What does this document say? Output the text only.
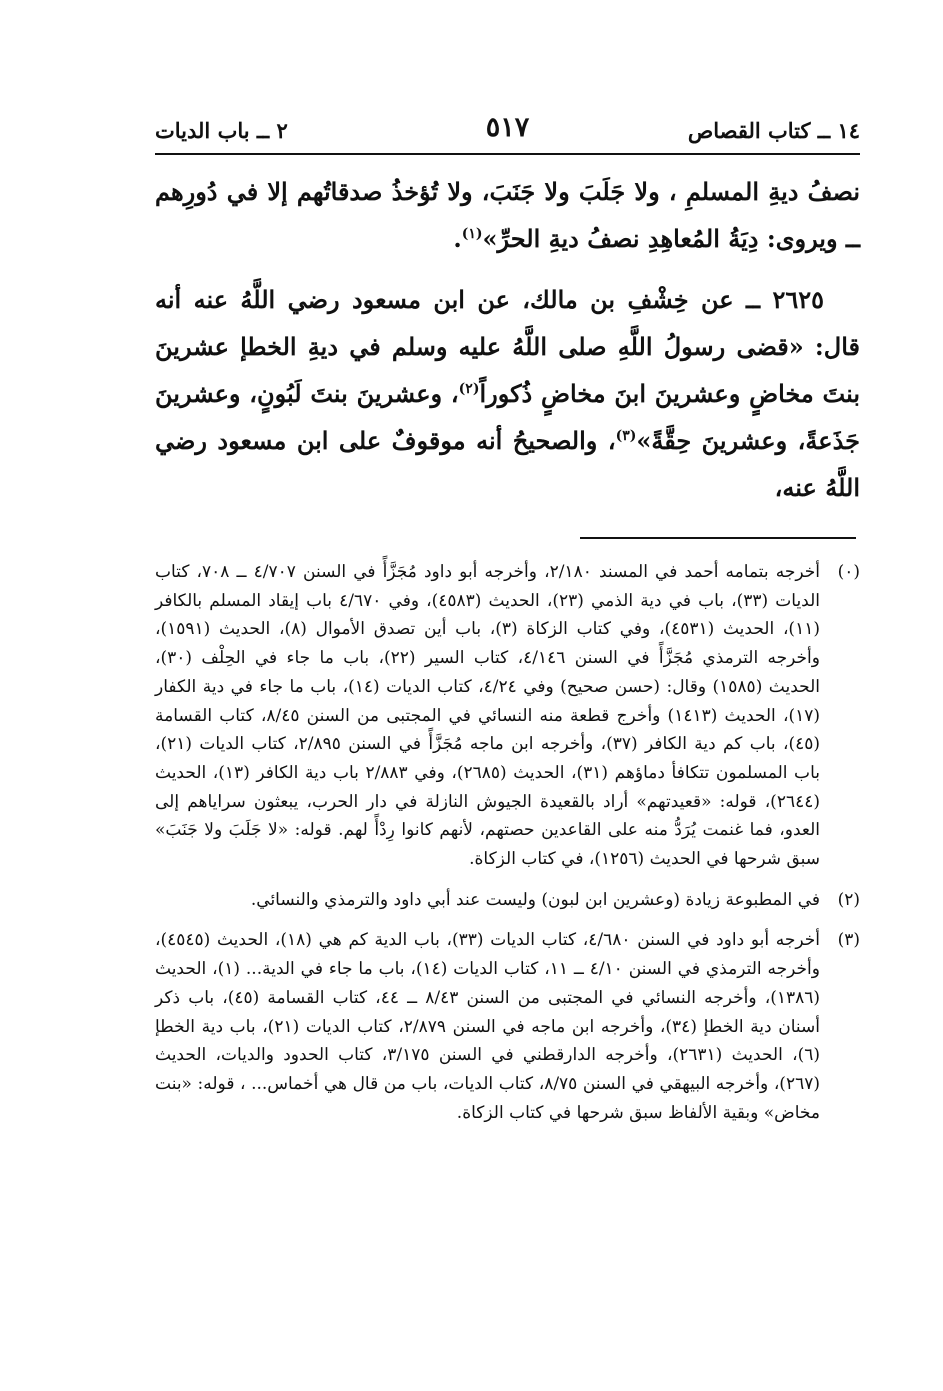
١٤ ــ كتاب القصاص
٥١٧
٢ ــ باب الديات

نصفُ ديةِ المسلمِ ، ولا جَلَبَ ولا جَنَبَ، ولا تُؤخذُ صدقاتُهم إلا في دُورِهم ــ ويروى: دِيَةُ المُعاهِدِ نصفُ ديةِ الحرِّ»$^{(١)}$.

٢٦٢٥ ــ عن خِشْفِ بن مالك، عن ابن مسعود رضي اللَّهُ عنه أنه قال: «قضى رسولُ اللَّهِ صلى اللَّهُ عليه وسلم في ديةِ الخطإ عشرينَ بنتَ مخاضٍ وعشرينَ ابنَ مخاضٍ ذُكوراً$^{(٢)}$، وعشرينَ بنتَ لَبُونٍ، وعشرينَ جَذَعةً، وعشرينَ حِقَّةً»$^{(٣)}$، والصحيحُ أنه موقوفٌ على ابن مسعود رضي اللَّهُ عنه،

(٠)
أخرجه بتمامه أحمد في المسند ٢/١٨٠، وأخرجه أبو داود مُجَزَّأً في السنن ٤/٧٠٧ ــ ٧٠٨، كتاب الديات (٣٣)، باب في دية الذمي (٢٣)، الحديث (٤٥٨٣)، وفي ٤/٦٧٠ باب إيقاد المسلم بالكافر (١١)، الحديث (٤٥٣١)، وفي كتاب الزكاة (٣)، باب أين تصدق الأموال (٨)، الحديث (١٥٩١)، وأخرجه الترمذي مُجَزَّأً في السنن ٤/١٤٦، كتاب السير (٢٢)، باب ما جاء في الحِلْف (٣٠)، الحديث (١٥٨٥) وقال: (حسن صحيح) وفي ٤/٢٤، كتاب الديات (١٤)، باب ما جاء في دية الكفار (١٧)، الحديث (١٤١٣) وأخرج قطعة منه النسائي في المجتبى من السنن ٨/٤٥، كتاب القسامة (٤٥)، باب كم دية الكافر (٣٧)، وأخرجه ابن ماجه مُجَزَّأً في السنن ٢/٨٩٥، كتاب الديات (٢١)، باب المسلمون تتكافأ دماؤهم (٣١)، الحديث (٢٦٨٥)، وفي ٢/٨٨٣ باب دية الكافر (١٣)، الحديث (٢٦٤٤)، قوله: «قعيدتهم» أراد بالقعيدة الجيوش النازلة في دار الحرب، يبعثون سراياهم إلى العدو، فما غنمت يُرَدُّ منه على القاعدين حصتهم، لأنهم كانوا رِدْأً لهم. قوله: «لا جَلَبَ ولا جَنَبَ» سبق شرحها في الحديث (١٢٥٦)، في كتاب الزكاة.
(٢)
في المطبوعة زيادة (وعشرين ابن لبون) وليست عند أبي داود والترمذي والنسائي.
(٣)
أخرجه أبو داود في السنن ٤/٦٨٠، كتاب الديات (٣٣)، باب الدية كم هي (١٨)، الحديث (٤٥٤٥)، وأخرجه الترمذي في السنن ٤/١٠ ــ ١١، كتاب الديات (١٤)، باب ما جاء في الدية... (١)، الحديث (١٣٨٦)، وأخرجه النسائي في المجتبى من السنن ٨/٤٣ ــ ٤٤، كتاب القسامة (٤٥)، باب ذكر أسنان دية الخطإ (٣٤)، وأخرجه ابن ماجه في السنن ٢/٨٧٩، كتاب الديات (٢١)، باب دية الخطإ (٦)، الحديث (٢٦٣١)، وأخرجه الدارقطني في السنن ٣/١٧٥، كتاب الحدود والديات، الحديث (٢٦٧)، وأخرجه البيهقي في السنن ٨/٧٥، كتاب الديات، باب من قال هي أخماس... ، قوله: «بنت مخاض» وبقية الألفاظ سبق شرحها في كتاب الزكاة.
